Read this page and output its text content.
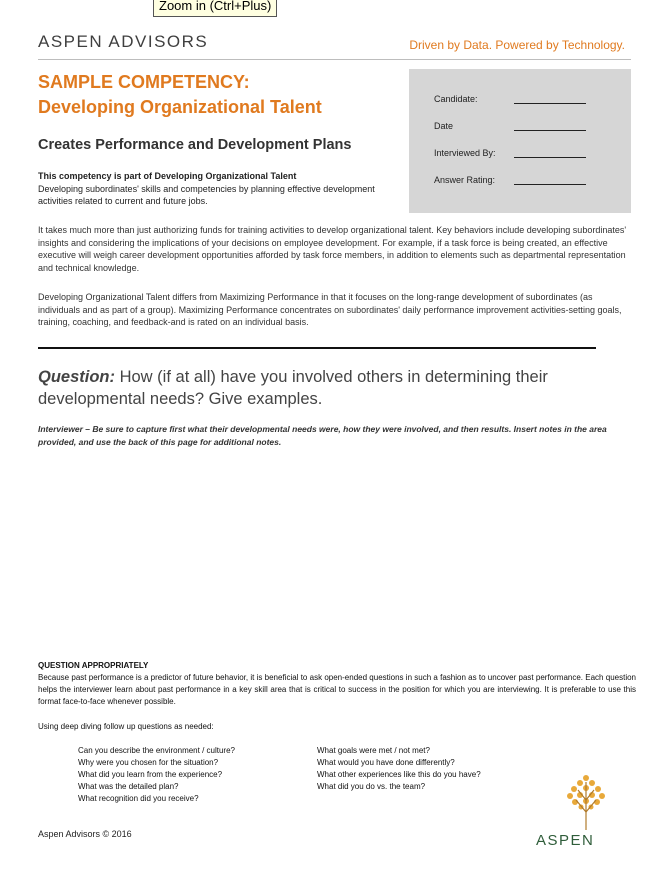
Zoom in (Ctrl+Plus)
ASPEN ADVISORS	Driven by Data. Powered by Technology.
SAMPLE COMPETENCY:
Developing Organizational Talent
Creates Performance and Development Plans
This competency is part of Developing Organizational Talent
Developing subordinates' skills and competencies by planning effective development activities related to current and future jobs.
Candidate:
Date
Interviewed By:
Answer Rating:
It takes much more than just authorizing funds for training activities to develop organizational talent. Key behaviors include developing subordinates' insights and considering the implications of your decisions on employee development. For example, if a task force is being created, an effective executive will weigh career development opportunities afforded by task force members, in addition to elements such as departmental representation and technical knowledge.
Developing Organizational Talent differs from Maximizing Performance in that it focuses on the long-range development of subordinates (as individuals and as part of a group). Maximizing Performance concentrates on subordinates' daily performance improvement activities-setting goals, training, coaching, and feedback-and is rated on an individual basis.
Question: How (if at all) have you involved others in determining their developmental needs? Give examples.
Interviewer – Be sure to capture first what their developmental needs were, how they were involved, and then results. Insert notes in the area provided, and use the back of this page for additional notes.
QUESTION APPROPRIATELY
Because past performance is a predictor of future behavior, it is beneficial to ask open-ended questions in such a fashion as to uncover past performance. Each question helps the interviewer learn about past performance in a key skill area that is critical to success in the position for which you are interviewing. It is preferable to use this format face-to-face whenever possible.
Using deep diving follow up questions as needed:
Can you describe the environment / culture?
Why were you chosen for the situation?
What did you learn from the experience?
What was the detailed plan?
What recognition did you receive?
What goals were met / not met?
What would you have done differently?
What other experiences like this do you have?
What did you do vs. the team?
Aspen Advisors © 2016	ASPEN
